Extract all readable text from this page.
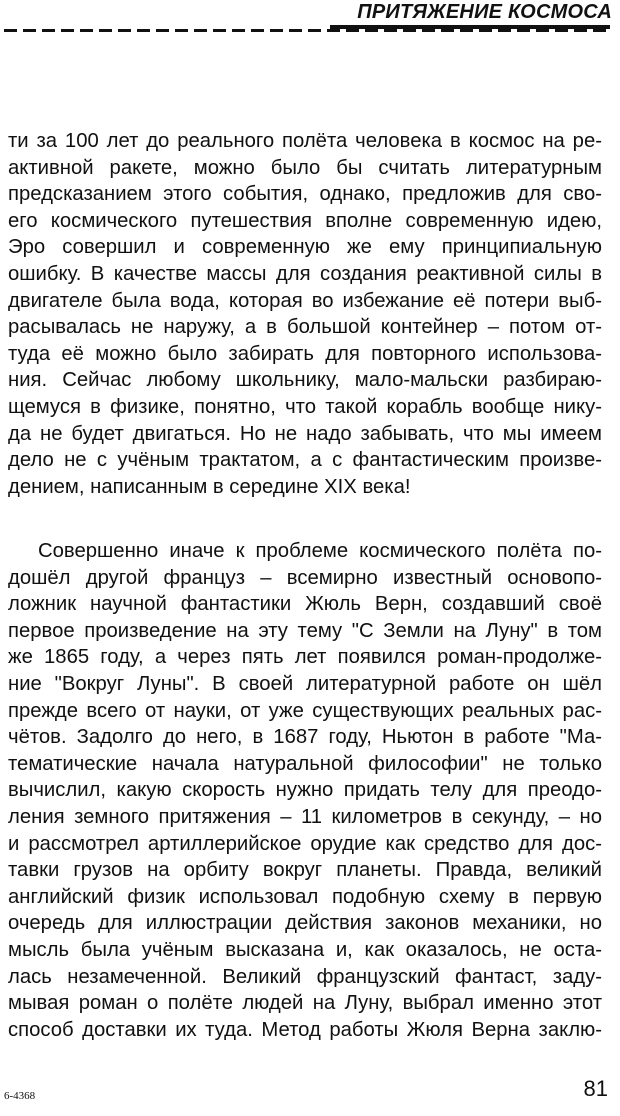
ПРИТЯЖЕНИЕ КОСМОСА
ти за 100 лет до реального полёта человека в космос на ре-
активной ракете, можно было бы считать литературным
предсказанием этого события, однако, предложив для сво-
его космического путешествия вполне современную идею,
Эро совершил и современную же ему принципиальную
ошибку. В качестве массы для создания реактивной силы в
двигателе была вода, которая во избежание её потери выб-
расывалась не наружу, а в большой контейнер – потом от-
туда её можно было забирать для повторного использова-
ния. Сейчас любому школьнику, мало-мальски разбираю-
щемуся в физике, понятно, что такой корабль вообще нику-
да не будет двигаться. Но не надо забывать, что мы имеем
дело не с учёным трактатом, а с фантастическим произве-
дением, написанным в середине XIX века!
Совершенно иначе к проблеме космического полёта по-
дошёл другой француз – всемирно известный основопо-
ложник научной фантастики Жюль Верн, создавший своё
первое произведение на эту тему "С Земли на Луну" в том
же 1865 году, а через пять лет появился роман-продолже-
ние "Вокруг Луны". В своей литературной работе он шёл
прежде всего от науки, от уже существующих реальных рас-
чётов. Задолго до него, в 1687 году, Ньютон в работе "Ма-
тематические начала натуральной философии" не только
вычислил, какую скорость нужно придать телу для преодо-
ления земного притяжения – 11 километров в секунду, – но
и рассмотрел артиллерийское орудие как средство для дос-
тавки грузов на орбиту вокруг планеты. Правда, великий
английский физик использовал подобную схему в первую
очередь для иллюстрации действия законов механики, но
мысль была учёным высказана и, как оказалось, не оста-
лась незамеченной. Великий французский фантаст, заду-
мывая роман о полёте людей на Луну, выбрал именно этот
способ доставки их туда. Метод работы Жюля Верна заклю-
6-4368	81
